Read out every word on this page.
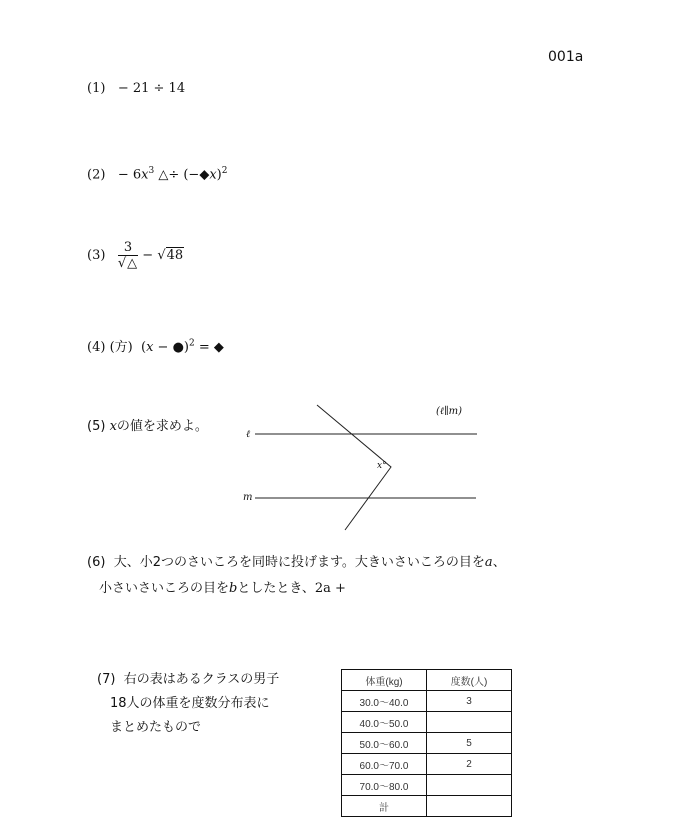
001a
(1) − 21 ÷ 14
$(2) - 6x^3$ △÷ (−◆x)$^2$
$(3) \frac{3}{√\triangle} - √48$
(4) (方) (x − ●)$^2$ = ◆
(5) xの値を求めよ。
(ℓ∥m)
ℓ
m
x°
(6) 大、小2つのさいころを同時に投げます。大きいさいころの目をa、
小さいさいころの目をbとしたとき、2a +
(7) 右の表はあるクラスの男子
18人の体重を度数分布表に
まとめたもので
体重(kg)	度数(人)
30.0〜40.0	3
40.0〜50.0	
50.0〜60.0	5
60.0〜70.0	2
70.0〜80.0	
計	
